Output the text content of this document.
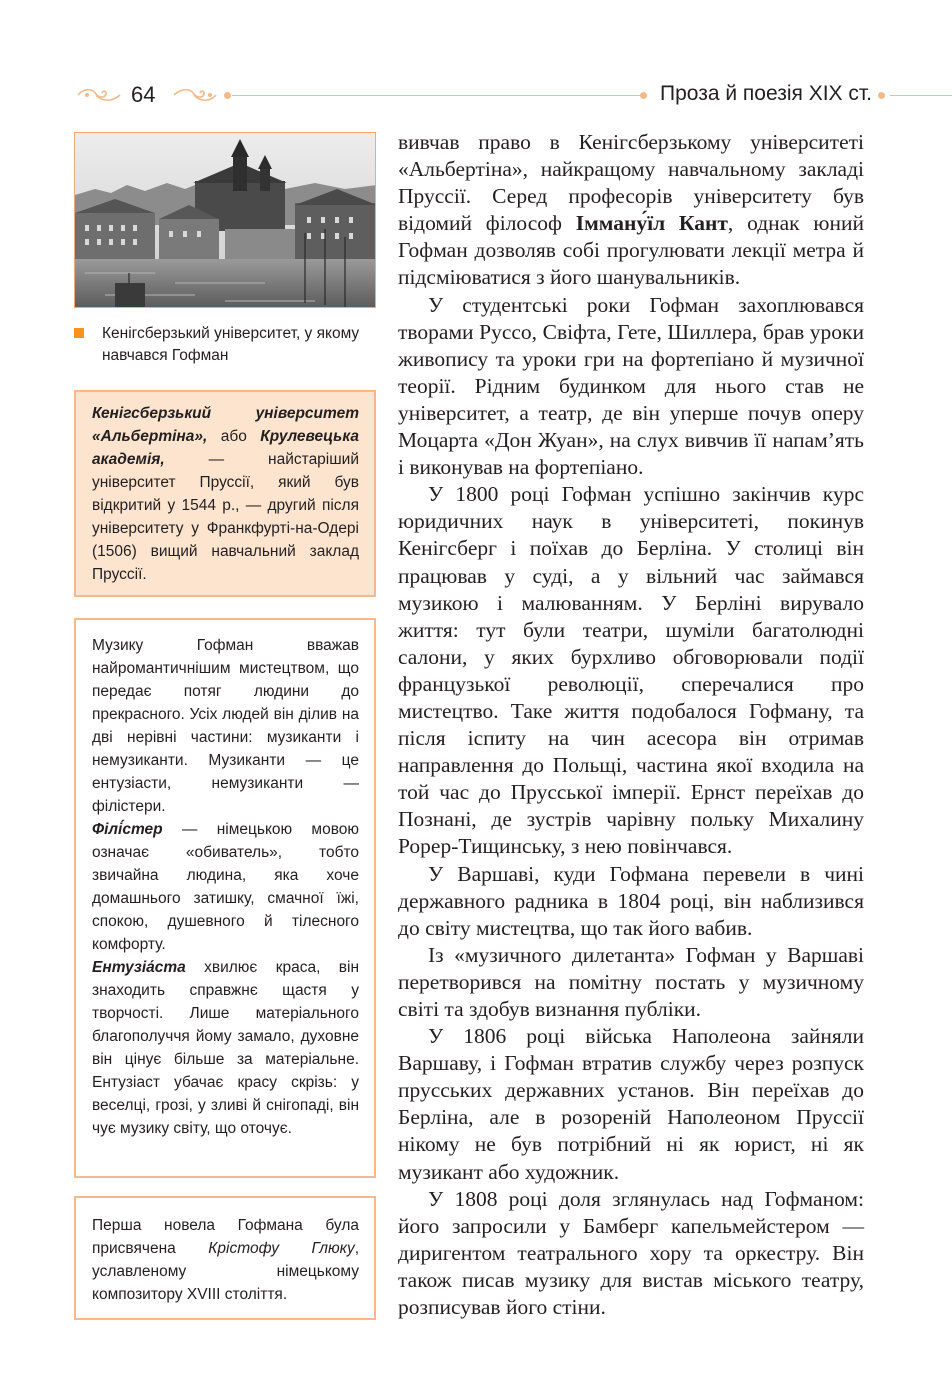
64	Проза й поезія XIX ст.
Кенігсберзький університет, у якому навчався Гофман

Кенігсберзький університет «Альбертіна», або Крулевецька академія, — найстаріший університет Пруссії, який був відкритий у 1544 р., — другий після університету у Франкфурті-на-Одері (1506) вищий навчальний заклад Пруссії.

Музику Гофман вважав найромантичнішим мистецтвом, що передає потяг людини до прекрасного. Усіх людей він ділив на дві нерівні частини: музиканти і немузиканти. Музиканти — це ентузіасти, немузиканти — філістери.

Філі́стер — німецькою мовою означає «обиватель», тобто звичайна людина, яка хоче домашнього затишку, смачної їжі, спокою, душевного й тілесного комфорту.

Ентузіа́ста хвилює краса, він знаходить справжнє щастя у творчості. Лише матеріального благополуччя йому замало, духовне він цінує більше за матеріальне. Ентузіаст убачає красу скрізь: у веселці, грозі, у зливі й снігопаді, він чує музику світу, що оточує.

Перша новела Гофмана була присвячена Крістофу Глюку, уславленому німецькому композитору XVIII століття.

вивчав право в Кенігсберзькому університеті «Альбертіна», найкращому навчальному закладі Пруссії. Серед професорів університету був відомий філософ Імману́їл Кант, однак юний Гофман дозволяв собі прогулювати лекції метра й підсміюватися з його шанувальників.

У студентські роки Гофман захоплювався творами Руссо, Свіфта, Гете, Шиллера, брав уроки живопису та уроки гри на фортепіано й музичної теорії. Рідним будинком для нього став не університет, а театр, де він уперше почув оперу Моцарта «Дон Жуан», на слух вивчив її напам’ять і виконував на фортепіано.

У 1800 році Гофман успішно закінчив курс юридичних наук в університеті, покинув Кенігсберг і поїхав до Берліна. У столиці він працював у суді, а у вільний час займався музикою і малюванням. У Берліні вирувало життя: тут були театри, шуміли багатолюдні салони, у яких бурхливо обговорювали події французької революції, сперечалися про мистецтво. Таке життя подобалося Гофману, та після іспиту на чин асесора він отримав направлення до Польщі, частина якої входила на той час до Прусської імперії. Ернст переїхав до Познані, де зустрів чарівну польку Михалину Рорер-Тищинську, з нею повінчався.

У Варшаві, куди Гофмана перевели в чині державного радника в 1804 році, він наблизився до світу мистецтва, що так його вабив.

Із «музичного дилетанта» Гофман у Варшаві перетворився на помітну постать у музичному світі та здобув визнання публіки.

У 1806 році війська Наполеона зайняли Варшаву, і Гофман втратив службу через розпуск прусських державних установ. Він переїхав до Берліна, але в розореній Наполеоном Пруссії нікому не був потрібний ні як юрист, ні як музикант або художник.

У 1808 році доля зглянулась над Гофманом: його запросили у Бамберг капельмейстером — диригентом театрального хору та оркестру. Він також писав музику для вистав міського театру, розписував його стіни.
